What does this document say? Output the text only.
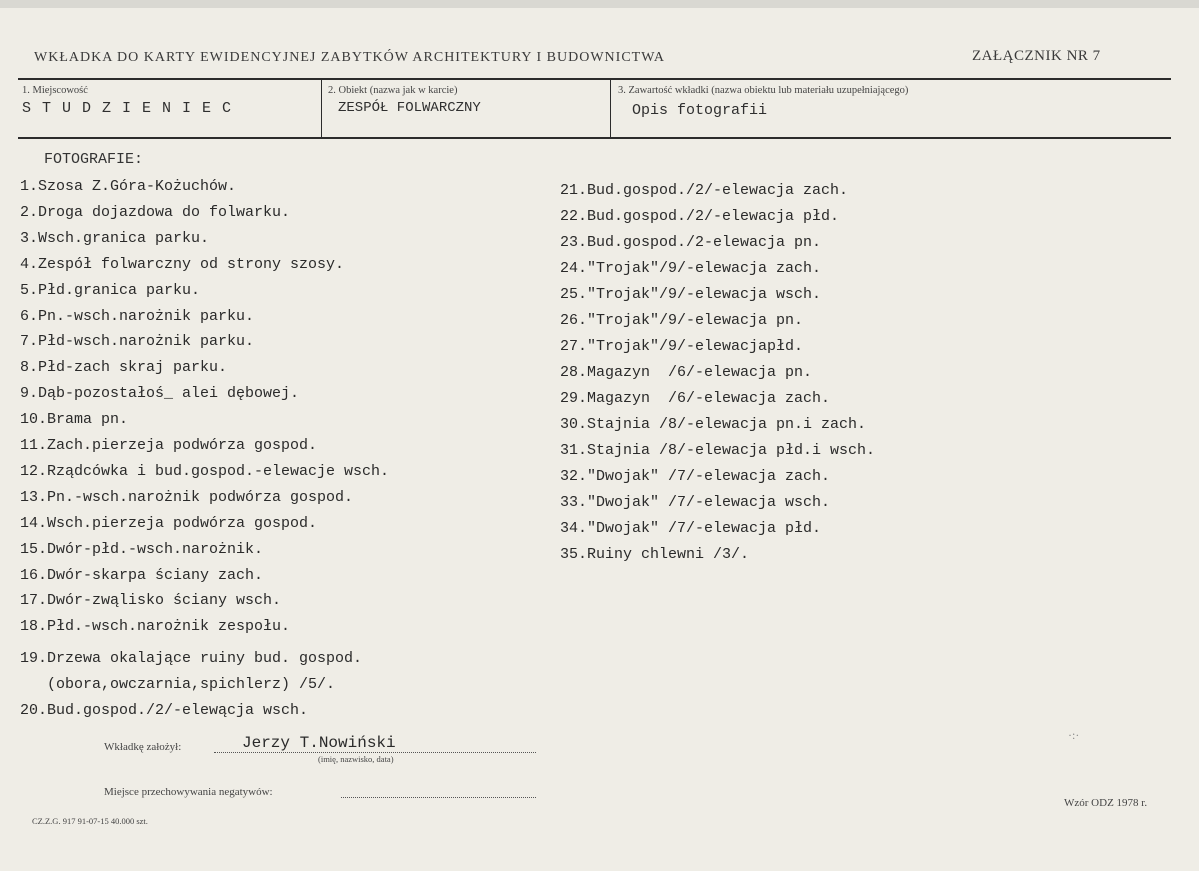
WKŁADKA DO KARTY EWIDENCYJNEJ ZABYTKÓW ARCHITEKTURY I BUDOWNICTWA	ZAŁĄCZNIK NR 7
1. Miejscowość
S T U D Z I E N I E C
2. Obiekt (nazwa jak w karcie)
ZESPÓŁ FOLWARCZNY
3. Zawartość wkładki (nazwa obiektu lub materiału uzupełniającego)
Opis fotografii
FOTOGRAFIE:
1.Szosa Z.Góra-Kożuchów.
2.Droga dojazdowa do folwarku.
3.Wsch.granica parku.
4.Zespół folwarczny od strony szosy.
5.Płd.granica parku.
6.Pn.-wsch.narożnik parku.
7.Płd-wsch.narożnik parku.
8.Płd-zach skraj parku.
9.Dąb-pozostałoś_ alei dębowej.
10.Brama pn.
11.Zach.pierzeja podwórza gospod.
12.Rządcówka i bud.gospod.-elewacje wsch.
13.Pn.-wsch.narożnik podwórza gospod.
14.Wsch.pierzeja podwórza gospod.
15.Dwór-płd.-wsch.narożnik.
16.Dwór-skarpa ściany zach.
17.Dwór-zwąlisko ściany wsch.
18.Płd.-wsch.narożnik zespołu.
19.Drzewa okalające ruiny bud. gospod.
(obora,owczarnia,spichlerz) /5/.
20.Bud.gospod./2/-elewącja wsch.
21.Bud.gospod./2/-elewacja zach.
22.Bud.gospod./2/-elewacja płd.
23.Bud.gospod./2-elewacja pn.
24."Trojak"/9/-elewacja zach.
25."Trojak"/9/-elewacja wsch.
26."Trojak"/9/-elewacja pn.
27."Trojak"/9/-elewacjapłd.
28.Magazyn  /6/-elewacja pn.
29.Magazyn  /6/-elewacja zach.
30.Stajnia /8/-elewacja pn.i zach.
31.Stajnia /8/-elewacja płd.i wsch.
32."Dwojak" /7/-elewacja zach.
33."Dwojak" /7/-elewacja wsch.
34."Dwojak" /7/-elewacja płd.
35.Ruiny chlewni /3/.
Wkładkę założył:	Jerzy T.Nowiński
(imię, nazwisko, data)
Miejsce przechowywania negatywów:
CZ.Z.G. 917 91-07-15 40.000 szt.
Wzór ODZ 1978 r.
·:·
